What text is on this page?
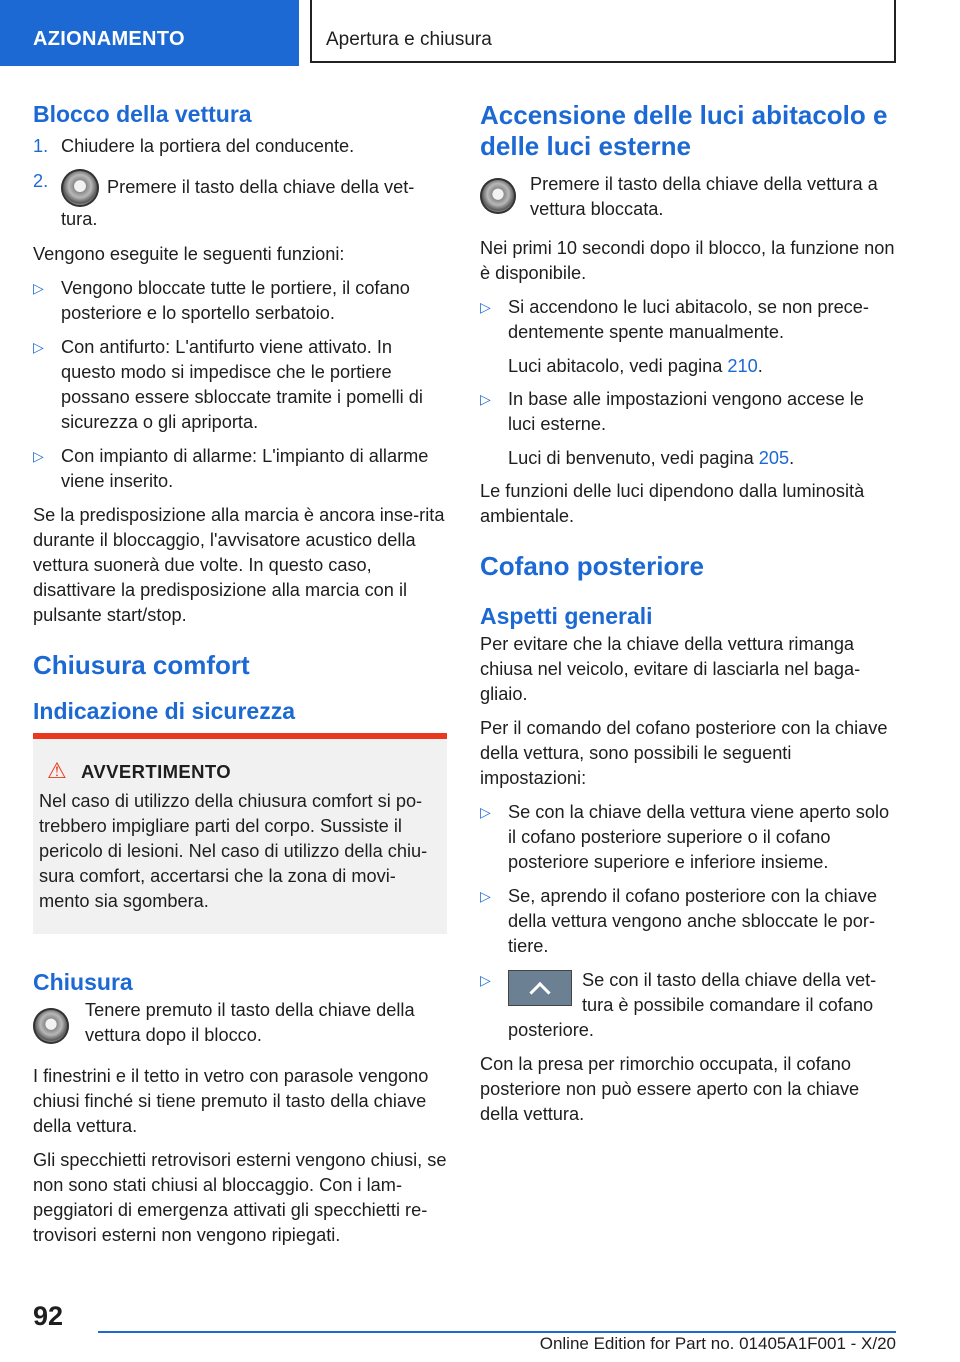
AZIONAMENTO	Apertura e chiusura
Blocco della vettura
1. Chiudere la portiera del conducente.
2.	Premere il tasto della chiave della vet-tura.

Vengono eseguite le seguenti funzioni:

▷ Vengono bloccate tutte le portiere, il cofano posteriore e lo sportello serbatoio.
▷ Con antifurto: L'antifurto viene attivato. In questo modo si impedisce che le portiere possano essere sbloccate tramite i pomelli di sicurezza o gli apriporta.
▷ Con impianto di allarme: L'impianto di allarme viene inserito.

Se la predisposizione alla marcia è ancora inse-rita durante il bloccaggio, l'avvisatore acustico della vettura suonerà due volte. In questo caso, disattivare la predisposizione alla marcia con il pulsante start/stop.

Chiusura comfort
Indicazione di sicurezza
⚠ AVVERTIMENTO

Nel caso di utilizzo della chiusura comfort si po-trebbero impigliare parti del corpo. Sussiste il pericolo di lesioni. Nel caso di utilizzo della chiu-sura comfort, accertarsi che la zona di movi-mento sia sgombera.

Chiusura

Tenere premuto il tasto della chiave della vettura dopo il blocco.

I finestrini e il tetto in vetro con parasole vengono chiusi finché si tiene premuto il tasto della chiave della vettura.

Gli specchietti retrovisori esterni vengono chiusi, se non sono stati chiusi al bloccaggio. Con i lam-peggiatori di emergenza attivati gli specchietti re-trovisori esterni non vengono ripiegati.

Accensione delle luci abitacolo e delle luci esterne

Premere il tasto della chiave della vettura a vettura bloccata.

Nei primi 10 secondi dopo il blocco, la funzione non è disponibile.

▷ Si accendono le luci abitacolo, se non prece-dentemente spente manualmente.
Luci abitacolo, vedi pagina 210.
▷ In base alle impostazioni vengono accese le luci esterne.
Luci di benvenuto, vedi pagina 205.

Le funzioni delle luci dipendono dalla luminosità ambientale.

Cofano posteriore
Aspetti generali

Per evitare che la chiave della vettura rimanga chiusa nel veicolo, evitare di lasciarla nel baga-gliaio.

Per il comando del cofano posteriore con la chiave della vettura, sono possibili le seguenti impostazioni:

▷ Se con la chiave della vettura viene aperto solo il cofano posteriore superiore o il cofano posteriore superiore e inferiore insieme.
▷ Se, aprendo il cofano posteriore con la chiave della vettura vengono anche sbloccate le por-tiere.
▷	Se con il tasto della chiave della vet-tura è possibile comandare il cofano posteriore.

Con la presa per rimorchio occupata, il cofano posteriore non può essere aperto con la chiave della vettura.

92
Online Edition for Part no. 01405A1F001 - X/20
